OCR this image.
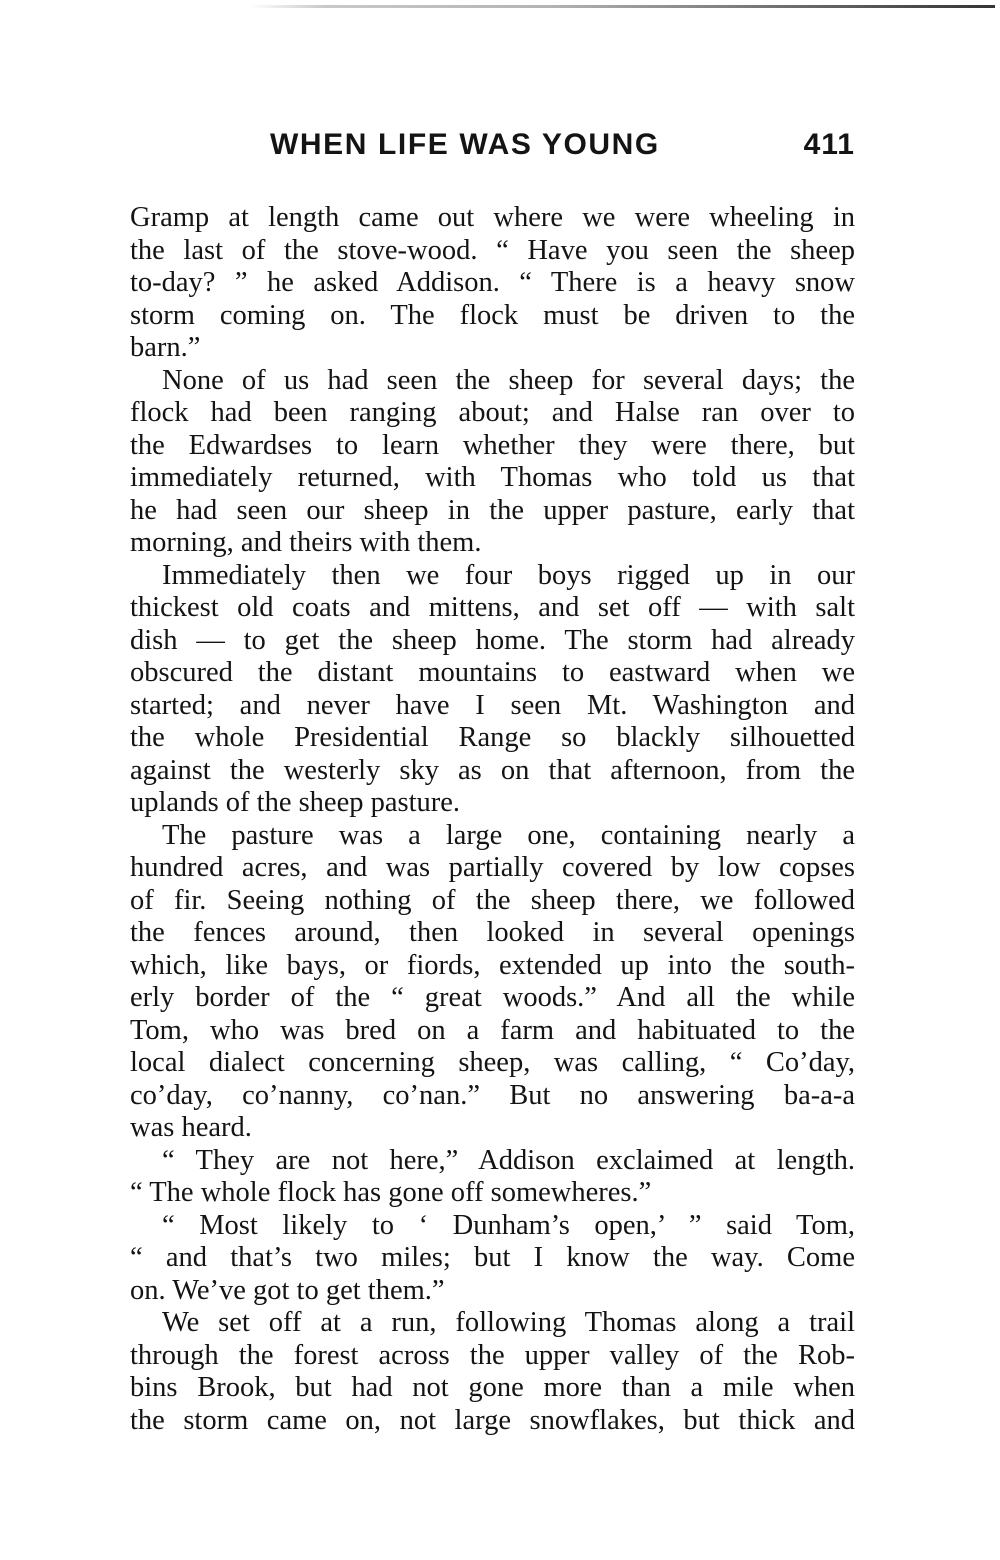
WHEN LIFE WAS YOUNG	411
Gramp at length came out where we were wheeling in
the last of the stove-wood. “ Have you seen the sheep
to-day? ” he asked Addison. “ There is a heavy snow
storm coming on. The flock must be driven to the
barn.”
None of us had seen the sheep for several days; the
flock had been ranging about; and Halse ran over to
the Edwardses to learn whether they were there, but
immediately returned, with Thomas who told us that
he had seen our sheep in the upper pasture, early that
morning, and theirs with them.
Immediately then we four boys rigged up in our
thickest old coats and mittens, and set off — with salt
dish — to get the sheep home. The storm had already
obscured the distant mountains to eastward when we
started; and never have I seen Mt. Washington and
the whole Presidential Range so blackly silhouetted
against the westerly sky as on that afternoon, from the
uplands of the sheep pasture.
The pasture was a large one, containing nearly a
hundred acres, and was partially covered by low copses
of fir. Seeing nothing of the sheep there, we followed
the fences around, then looked in several openings
which, like bays, or fiords, extended up into the south-
erly border of the “ great woods.” And all the while
Tom, who was bred on a farm and habituated to the
local dialect concerning sheep, was calling, “ Co’day,
co’day, co’nanny, co’nan.” But no answering ba-a-a
was heard.
“ They are not here,” Addison exclaimed at length.
“ The whole flock has gone off somewheres.”
“ Most likely to ‘ Dunham’s open,’ ” said Tom,
“ and that’s two miles; but I know the way. Come
on. We’ve got to get them.”
We set off at a run, following Thomas along a trail
through the forest across the upper valley of the Rob-
bins Brook, but had not gone more than a mile when
the storm came on, not large snowflakes, but thick and
